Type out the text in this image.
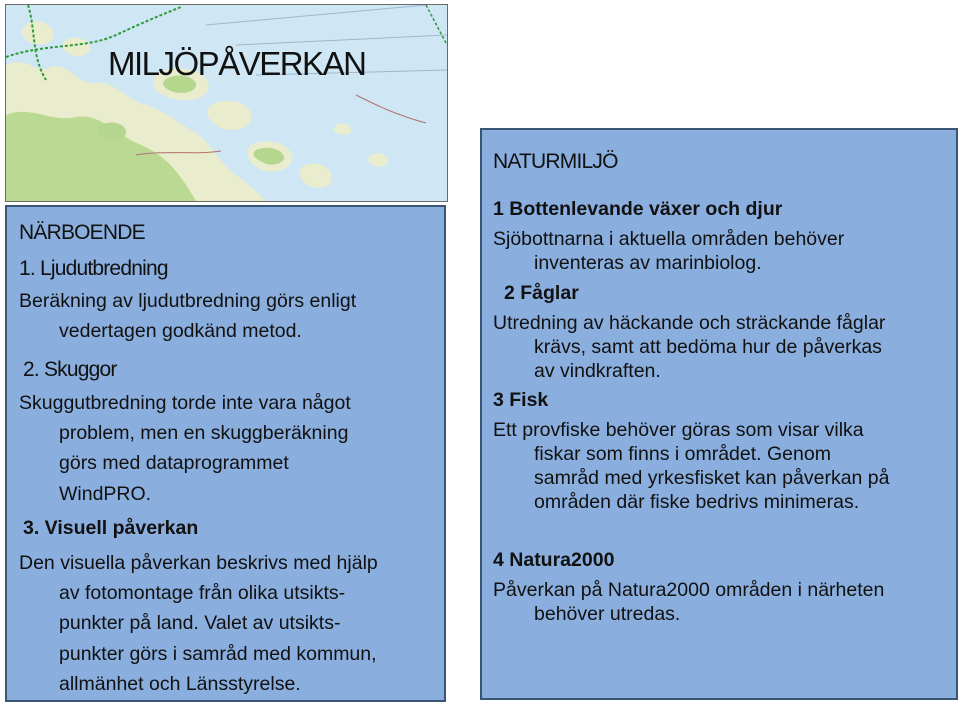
MILJÖPÅVERKAN
NÄRBOENDE
1. Ljudutbredning
Beräkning av ljudutbredning görs enligt
vedertagen godkänd metod.
2. Skuggor
Skuggutbredning torde inte vara något
problem, men en skuggberäkning
görs med dataprogrammet
WindPRO.
3. Visuell påverkan
Den visuella påverkan beskrivs med hjälp
av fotomontage från olika utsikts-
punkter på land. Valet av utsikts-
punkter görs i samråd med kommun,
allmänhet och Länsstyrelse.
NATURMILJÖ
1 Bottenlevande växer och djur
Sjöbottnarna i aktuella områden behöver
inventeras av marinbiolog.
2 Fåglar
Utredning av häckande och sträckande fåglar
krävs, samt att bedöma hur de påverkas
av vindkraften.
3 Fisk
Ett provfiske behöver göras som visar vilka
fiskar som finns i området. Genom
samråd med yrkesfisket kan påverkan på
områden där fiske bedrivs minimeras.
4 Natura2000
Påverkan på Natura2000 områden i närheten
behöver utredas.
